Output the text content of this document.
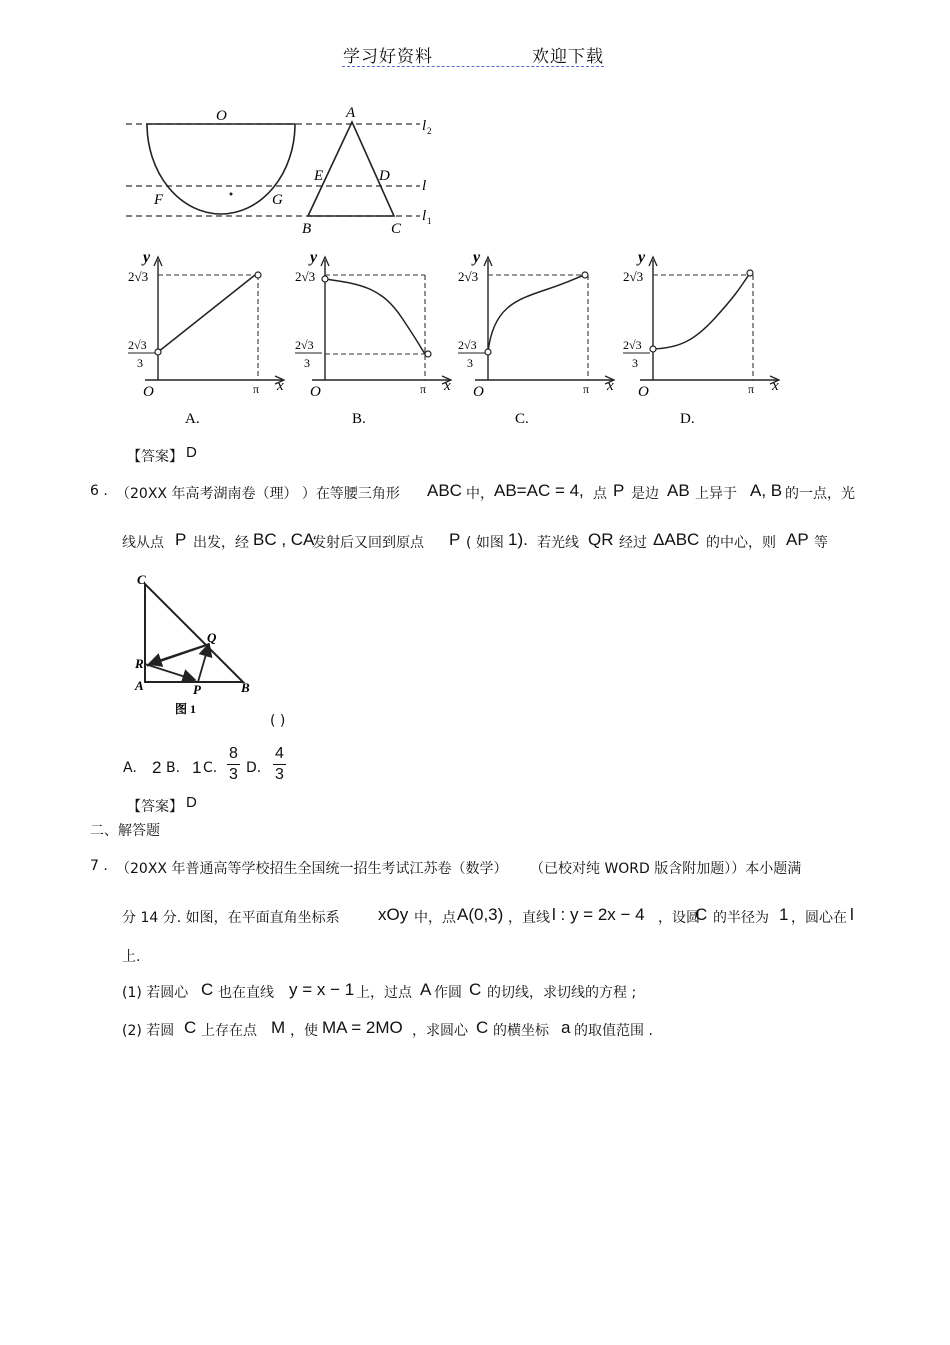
学习好资料	欢迎下载
O	A
E	D
F	G
B	C
l 2
l
l 1
y
x
O
2√3
2√3
3
π
A.
y
x
O
2√3
2√3
3
π
B.
y
x
O
2√3
2√3
3
π
C.
y
x
O
2√3
2√3
3
π
D.
【答案】 D
6 . （20XX 年高考湖南卷（理） ）在等腰三角形 ABC 中， AB=AC = 4, 点 P 是边 AB 上异于 A, B 的一点，光
线从点 P 出发，经 BC , CA
发射后又回到原点 P ( 如图 1). 若光线 QR 经过 ΔABC 的中心，则 AP 等
C
Q
R
A	P	B
图 1
( )
A. 2 B. 1 C. $\frac{8}{3} D$. $\frac{4}{3}$
【答案】 D
二、解答题
7 . （20XX 年普通高等学校招生全国统一招生考试江苏卷（数学） （已校对纯 WORD 版含附加题））本小题满
分 14 分. 如图，在平面直角坐标系 xOy 中，点 A(0,3) ，直线 l : y = 2x − 4 ，设圆
C 的半径为 1 ，圆心在 l
上.
(1) 若圆心 C 也在直线 y = x − 1 上，过点 A 作圆 C 的切线，求切线的方程 ;
(2) 若圆 C 上存在点 M ，使 MA = 2MO ，求圆心 C 的横坐标 a 的取值范围 .
